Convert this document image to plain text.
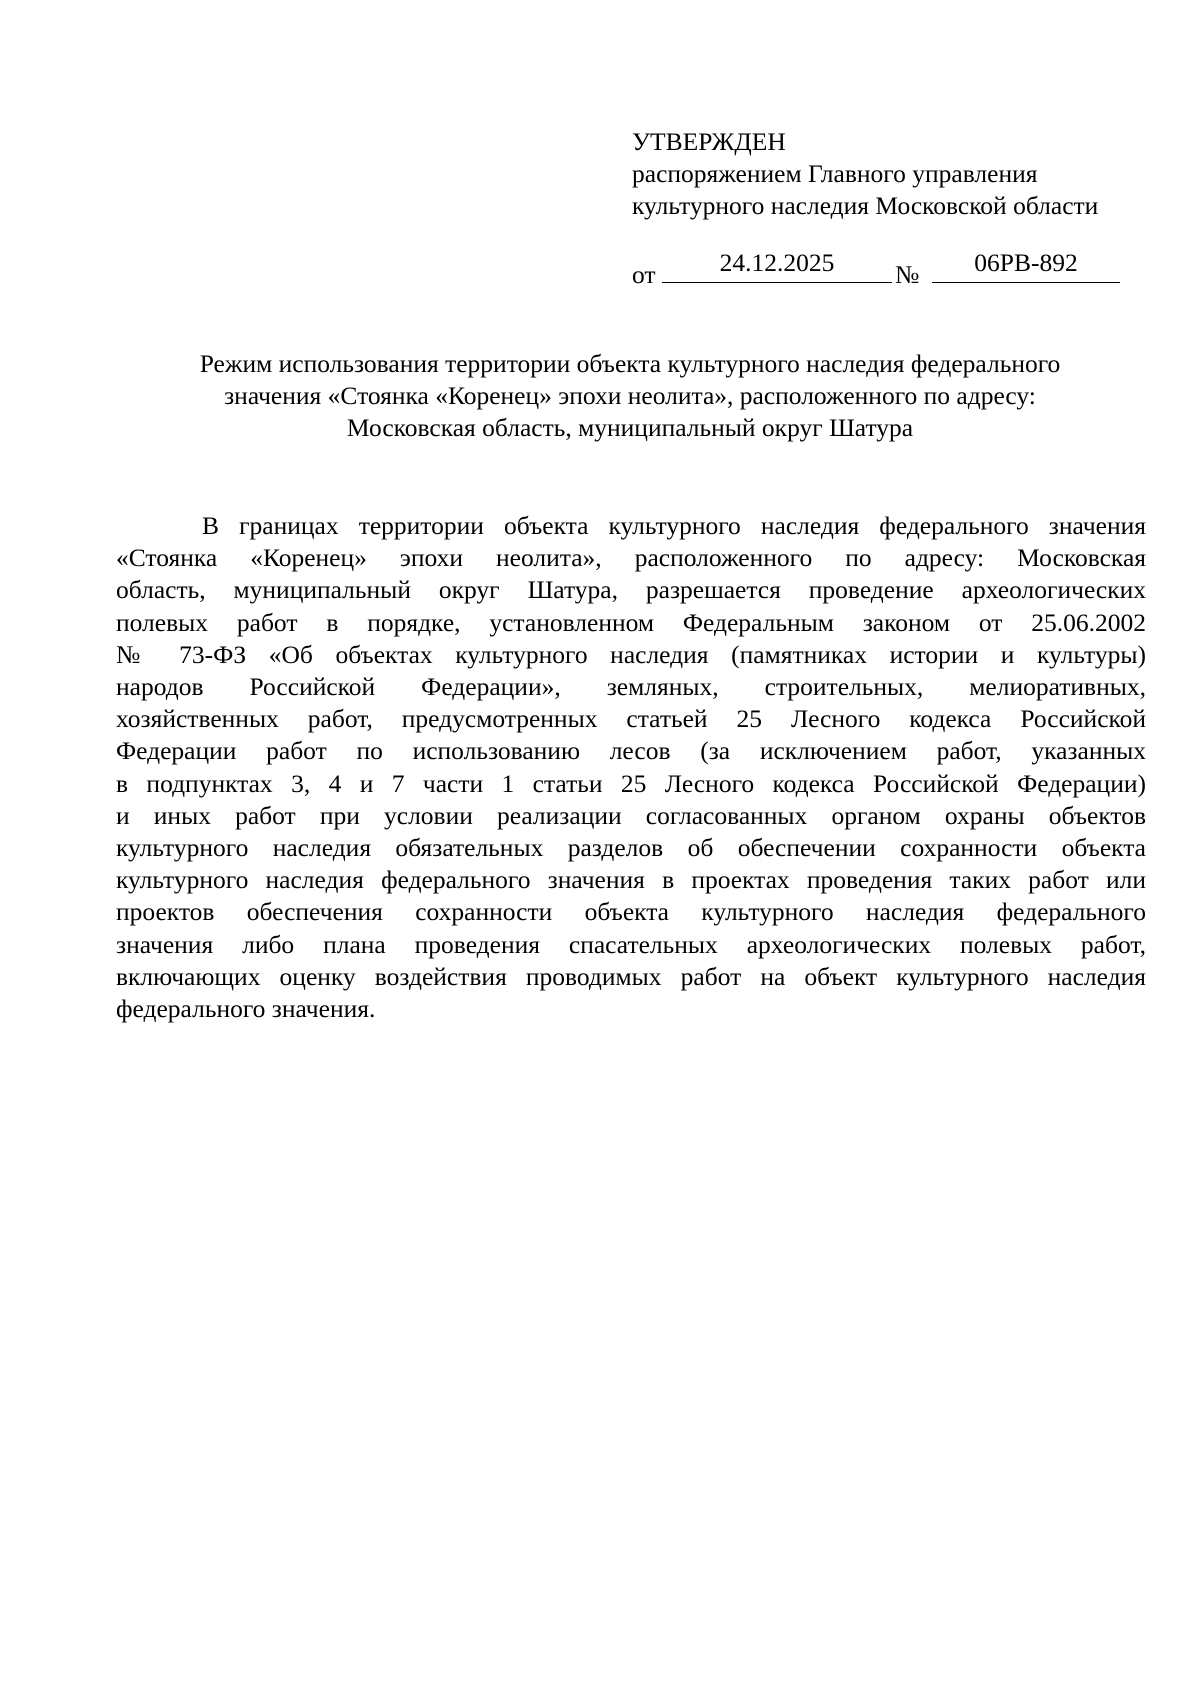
УТВЕРЖДЕН
распоряжением Главного управления
культурного наследия Московской области
от	24.12.2025	№	06РВ-892
Режим использования территории объекта культурного наследия федерального
значения «Стоянка «Коренец» эпохи неолита», расположенного по адресу:
Московская область, муниципальный округ Шатура
В границах территории объекта культурного наследия федерального значения
«Стоянка «Коренец» эпохи неолита», расположенного по адресу: Московская
область, муниципальный округ Шатура, разрешается проведение археологических
полевых работ в порядке, установленном Федеральным законом от 25.06.2002
№ 73-ФЗ «Об объектах культурного наследия (памятниках истории и культуры)
народов Российской Федерации», земляных, строительных, мелиоративных,
хозяйственных работ, предусмотренных статьей 25 Лесного кодекса Российской
Федерации работ по использованию лесов (за исключением работ, указанных
в подпунктах 3, 4 и 7 части 1 статьи 25 Лесного кодекса Российской Федерации)
и иных работ при условии реализации согласованных органом охраны объектов
культурного наследия обязательных разделов об обеспечении сохранности объекта
культурного наследия федерального значения в проектах проведения таких работ или
проектов обеспечения сохранности объекта культурного наследия федерального
значения либо плана проведения спасательных археологических полевых работ,
включающих оценку воздействия проводимых работ на объект культурного наследия
федерального значения.
